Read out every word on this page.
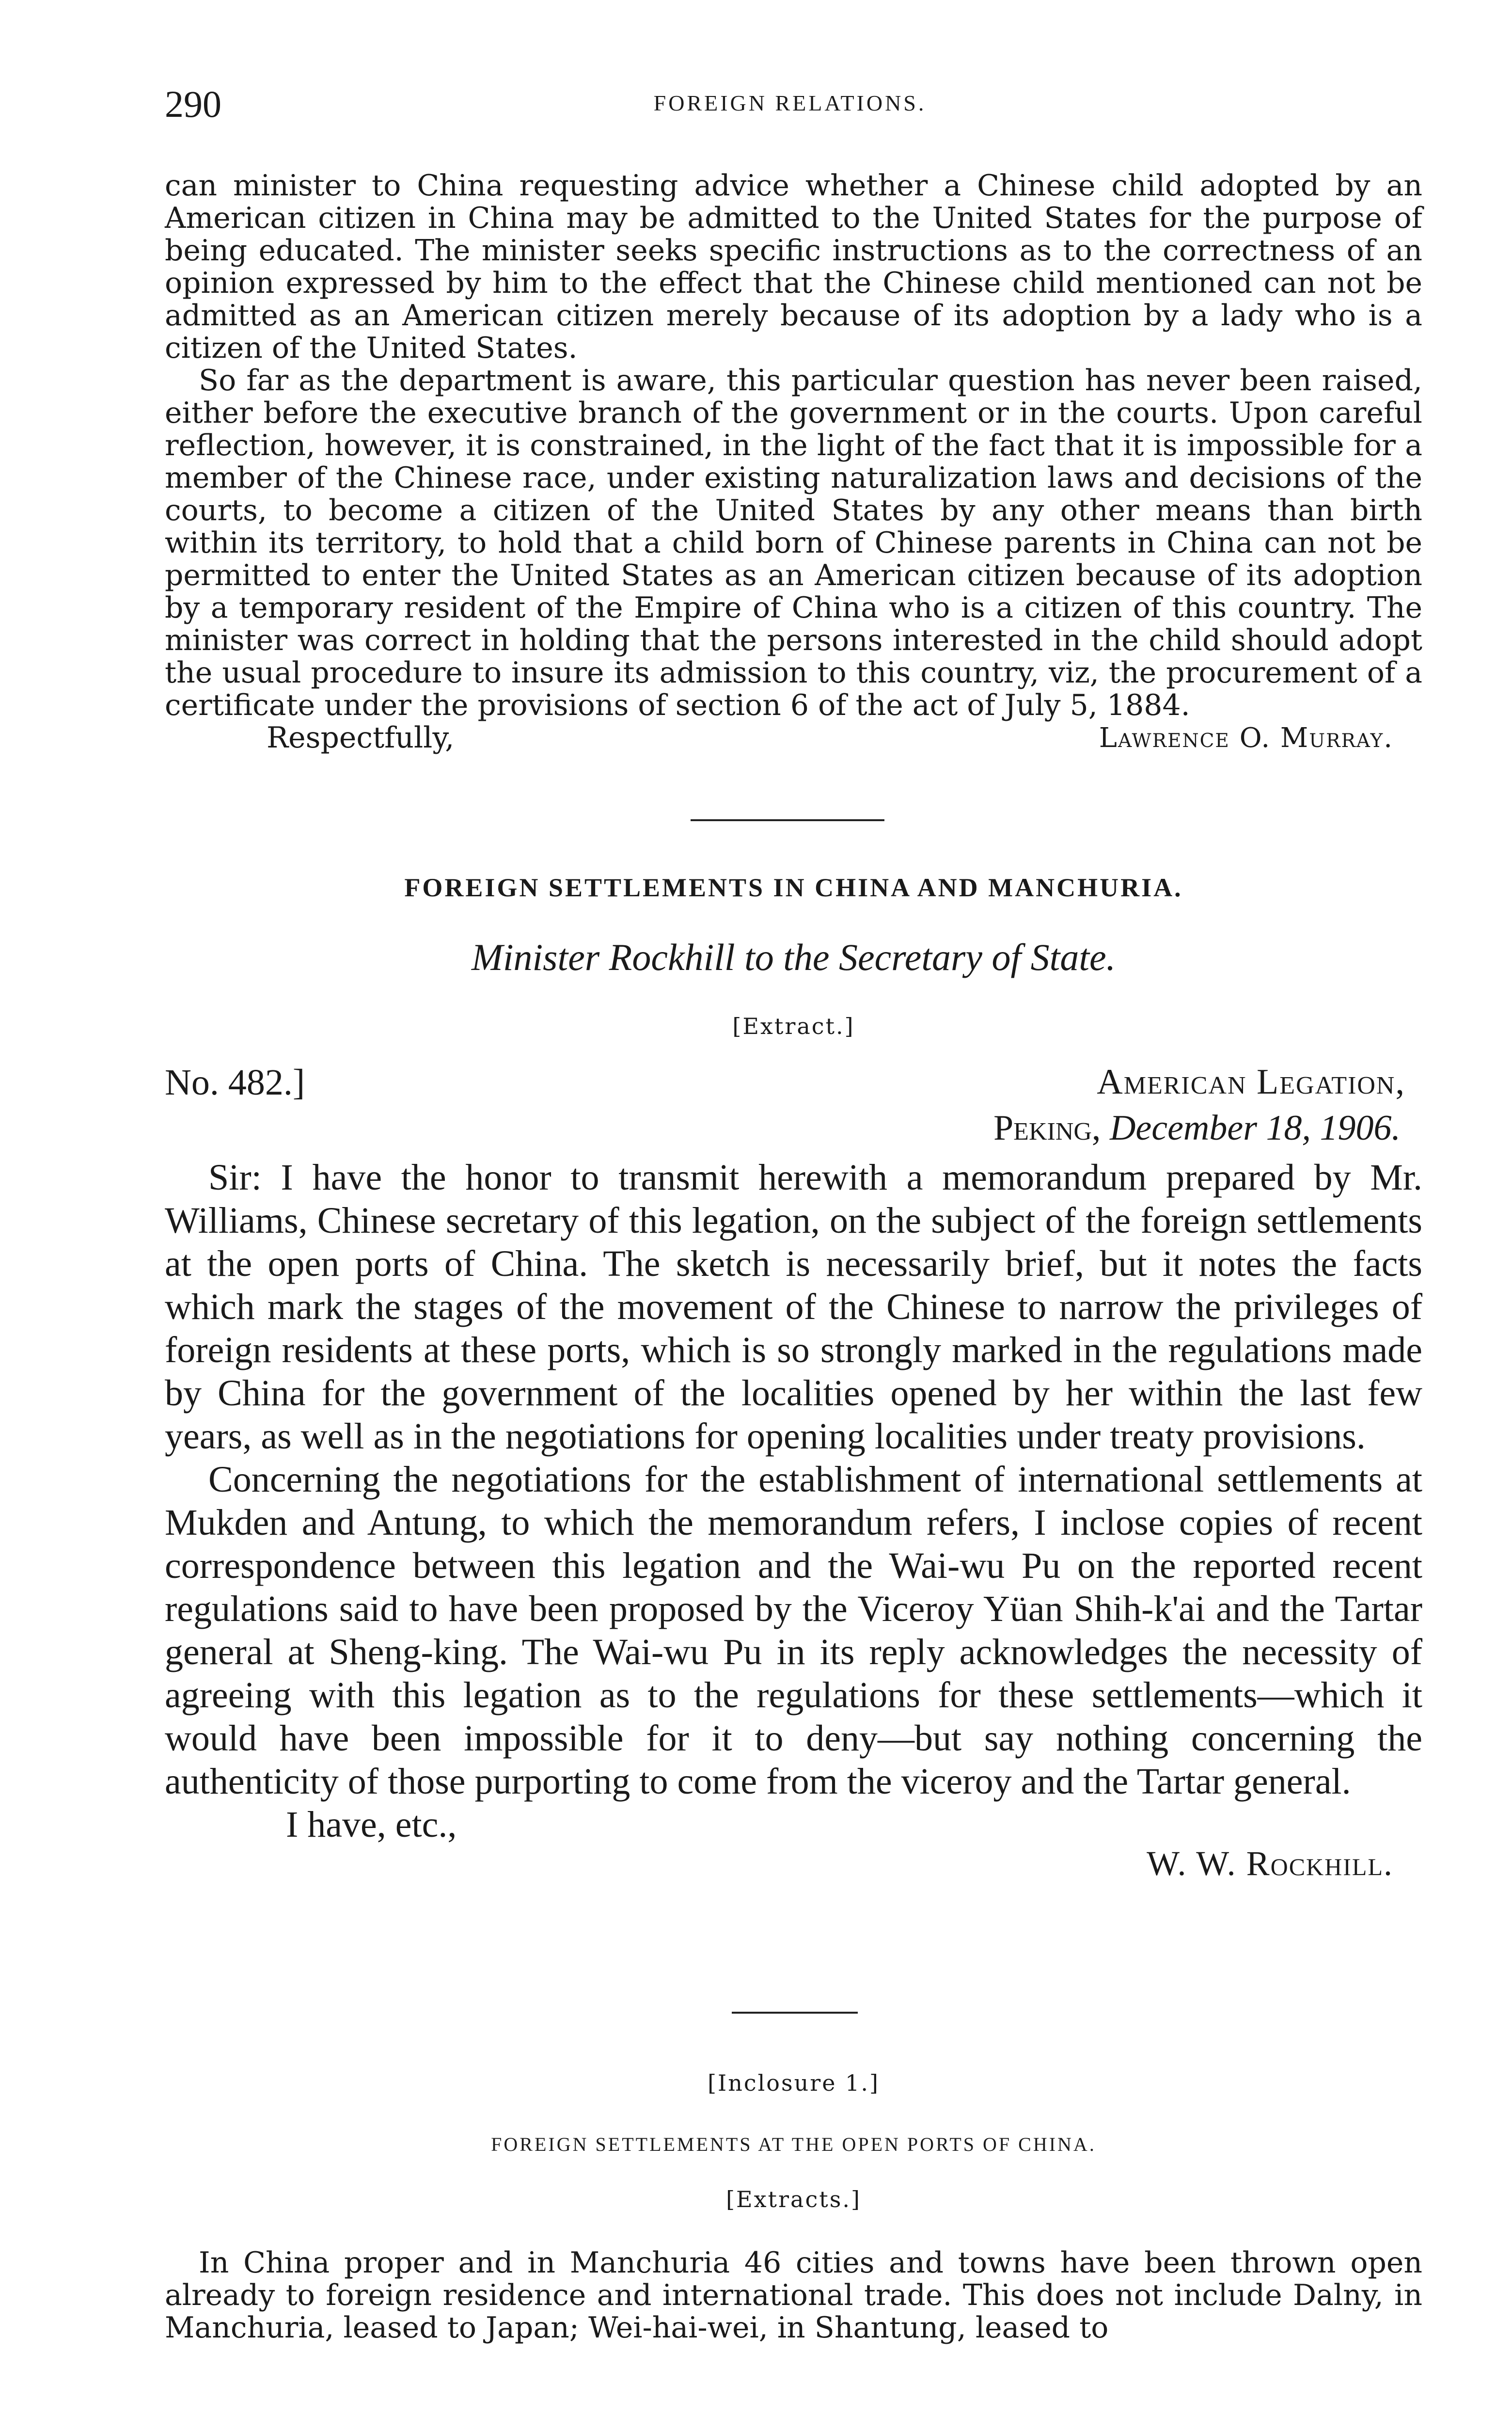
290	FOREIGN RELATIONS.

can minister to China requesting advice whether a Chinese child adopted by an American citizen in China may be admitted to the United States for the purpose of being educated. The minister seeks specific instructions as to the correctness of an opinion expressed by him to the effect that the Chinese child mentioned can not be admitted as an American citizen merely because of its adoption by a lady who is a citizen of the United States.

So far as the department is aware, this particular question has never been raised, either before the executive branch of the government or in the courts. Upon careful reflection, however, it is constrained, in the light of the fact that it is impossible for a member of the Chinese race, under existing naturalization laws and decisions of the courts, to become a citizen of the United States by any other means than birth within its territory, to hold that a child born of Chinese parents in China can not be permitted to enter the United States as an American citizen because of its adoption by a temporary resident of the Empire of China who is a citizen of this country. The minister was correct in holding that the persons interested in the child should adopt the usual procedure to insure its admission to this country, viz, the procurement of a certificate under the provisions of section 6 of the act of July 5, 1884.

Respectfully,	Lawrence O. Murray.
FOREIGN SETTLEMENTS IN CHINA AND MANCHURIA.
Minister Rockhill to the Secretary of State.
[Extract.]
No. 482.]	American Legation,
Peking, December 18, 1906.

Sir: I have the honor to transmit herewith a memorandum prepared by Mr. Williams, Chinese secretary of this legation, on the subject of the foreign settlements at the open ports of China. The sketch is necessarily brief, but it notes the facts which mark the stages of the movement of the Chinese to narrow the privileges of foreign residents at these ports, which is so strongly marked in the regulations made by China for the government of the localities opened by her within the last few years, as well as in the negotiations for opening localities under treaty provisions.

Concerning the negotiations for the establishment of international settlements at Mukden and Antung, to which the memorandum refers, I inclose copies of recent correspondence between this legation and the Wai-wu Pu on the reported recent regulations said to have been proposed by the Viceroy Yüan Shih-k'ai and the Tartar general at Sheng-king. The Wai-wu Pu in its reply acknowledges the necessity of agreeing with this legation as to the regulations for these settlements—which it would have been impossible for it to deny—but say nothing concerning the authenticity of those purporting to come from the viceroy and the Tartar general.

I have, etc.,
W. W. Rockhill.
[Inclosure 1.]
FOREIGN SETTLEMENTS AT THE OPEN PORTS OF CHINA.
[Extracts.]

In China proper and in Manchuria 46 cities and towns have been thrown open already to foreign residence and international trade. This does not include Dalny, in Manchuria, leased to Japan; Wei-hai-wei, in Shantung, leased to
